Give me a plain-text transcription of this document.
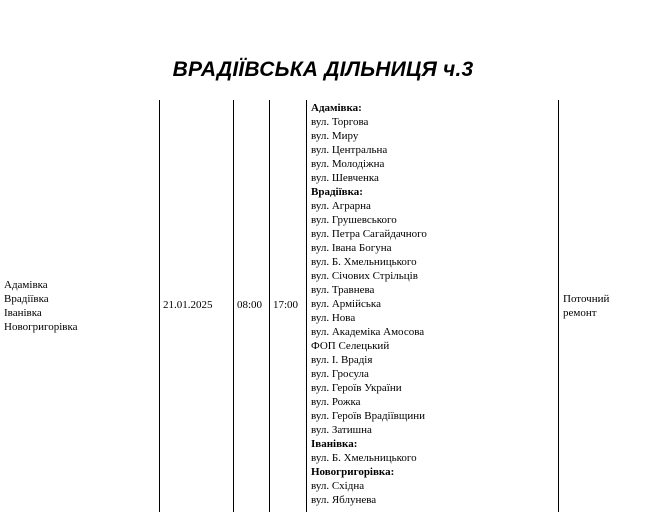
ВРАДІЇВСЬКА ДІЛЬНИЦЯ ч.3
Адамівка
Врадіївка
Іванівка
Новогригорівка
21.01.2025 08:00 17:00
Адамівка:
вул. Торгова
вул. Миру
вул. Центральна
вул. Молодіжна
вул. Шевченка
Врадіївка:
вул. Аграрна
вул. Грушевського
вул. Петра Сагайдачного
вул. Івана Богуна
вул. Б. Хмельницького
вул. Січових Стрільців
вул. Травнева
вул. Армійська
вул. Нова
вул. Академіка Амосова
ФОП Селецький
вул. І. Врадія
вул. Гросула
вул. Героїв України
вул. Рожка
вул. Героїв Врадіївщини
вул. Затишна
Іванівка:
вул. Б. Хмельницького
Новогригорівка:
вул. Східна
вул. Яблунева
Поточний
ремонт
